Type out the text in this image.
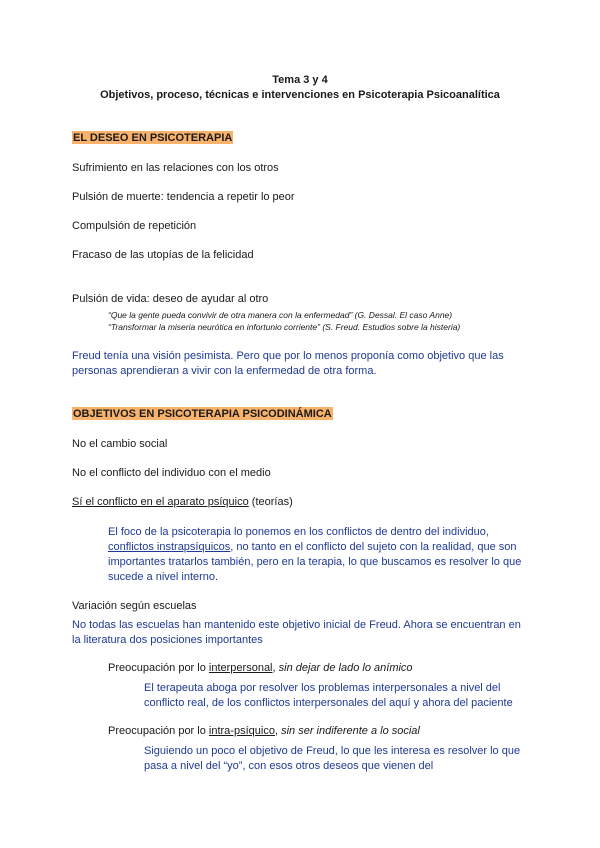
Tema 3 y 4
Objetivos, proceso, técnicas e intervenciones en Psicoterapia Psicoanalítica
EL DESEO EN PSICOTERAPIA
Sufrimiento en las relaciones con los otros
Pulsión de muerte: tendencia a repetir lo peor
Compulsión de repetición
Fracaso de las utopías de la felicidad
Pulsión de vida: deseo de ayudar al otro
“Que la gente pueda convivir de otra manera con la enfermedad” (G. Dessal. El caso Anne)
“Transformar la miseria neurótica en infortunio corriente” (S. Freud. Estudios sobre la histeria)
Freud tenía una visión pesimista. Pero que por lo menos proponía como objetivo que las
personas aprendieran a vivir con la enfermedad de otra forma.
OBJETIVOS EN PSICOTERAPIA PSICODINÁMICA
No el cambio social
No el conflicto del individuo con el medio
Sí el conflicto en el aparato psíquico (teorías)
El foco de la psicoterapia lo ponemos en los conflictos de dentro del individuo,
conflictos instrapsíquicos, no tanto en el conflicto del sujeto con la realidad, que son
importantes tratarlos también, pero en la terapia, lo que buscamos es resolver lo que
sucede a nivel interno.
Variación según escuelas
No todas las escuelas han mantenido este objetivo inicial de Freud. Ahora se encuentran en
la literatura dos posiciones importantes
Preocupación por lo interpersonal, sin dejar de lado lo anímico
El terapeuta aboga por resolver los problemas interpersonales a nivel del
conflicto real, de los conflictos interpersonales del aquí y ahora del paciente
Preocupación por lo intra-psíquico, sin ser indiferente a lo social
Siguiendo un poco el objetivo de Freud, lo que les interesa es resolver lo que
pasa a nivel del “yo”, con esos otros deseos que vienen del
